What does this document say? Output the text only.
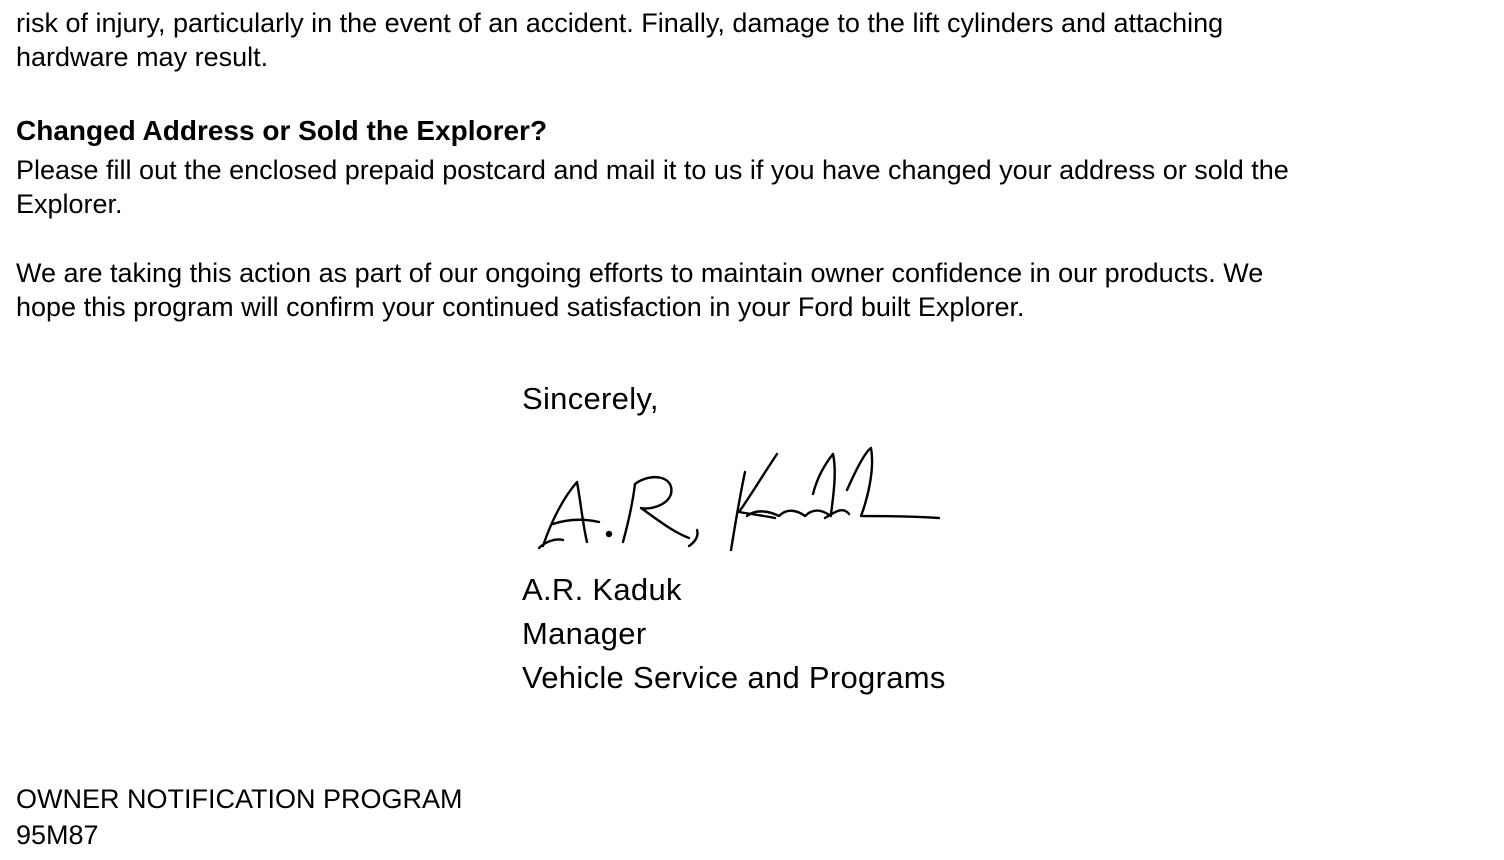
risk of injury, particularly in the event of an accident. Finally, damage to the lift cylinders and attaching
hardware may result.

Changed Address or Sold the Explorer?

Please fill out the enclosed prepaid postcard and mail it to us if you have changed your address or sold the
Explorer.

We are taking this action as part of our ongoing efforts to maintain owner confidence in our products. We
hope this program will confirm your continued satisfaction in your Ford built Explorer.

Sincerely,
A.R. Kaduk
Manager
Vehicle Service and Programs
OWNER NOTIFICATION PROGRAM
95M87
